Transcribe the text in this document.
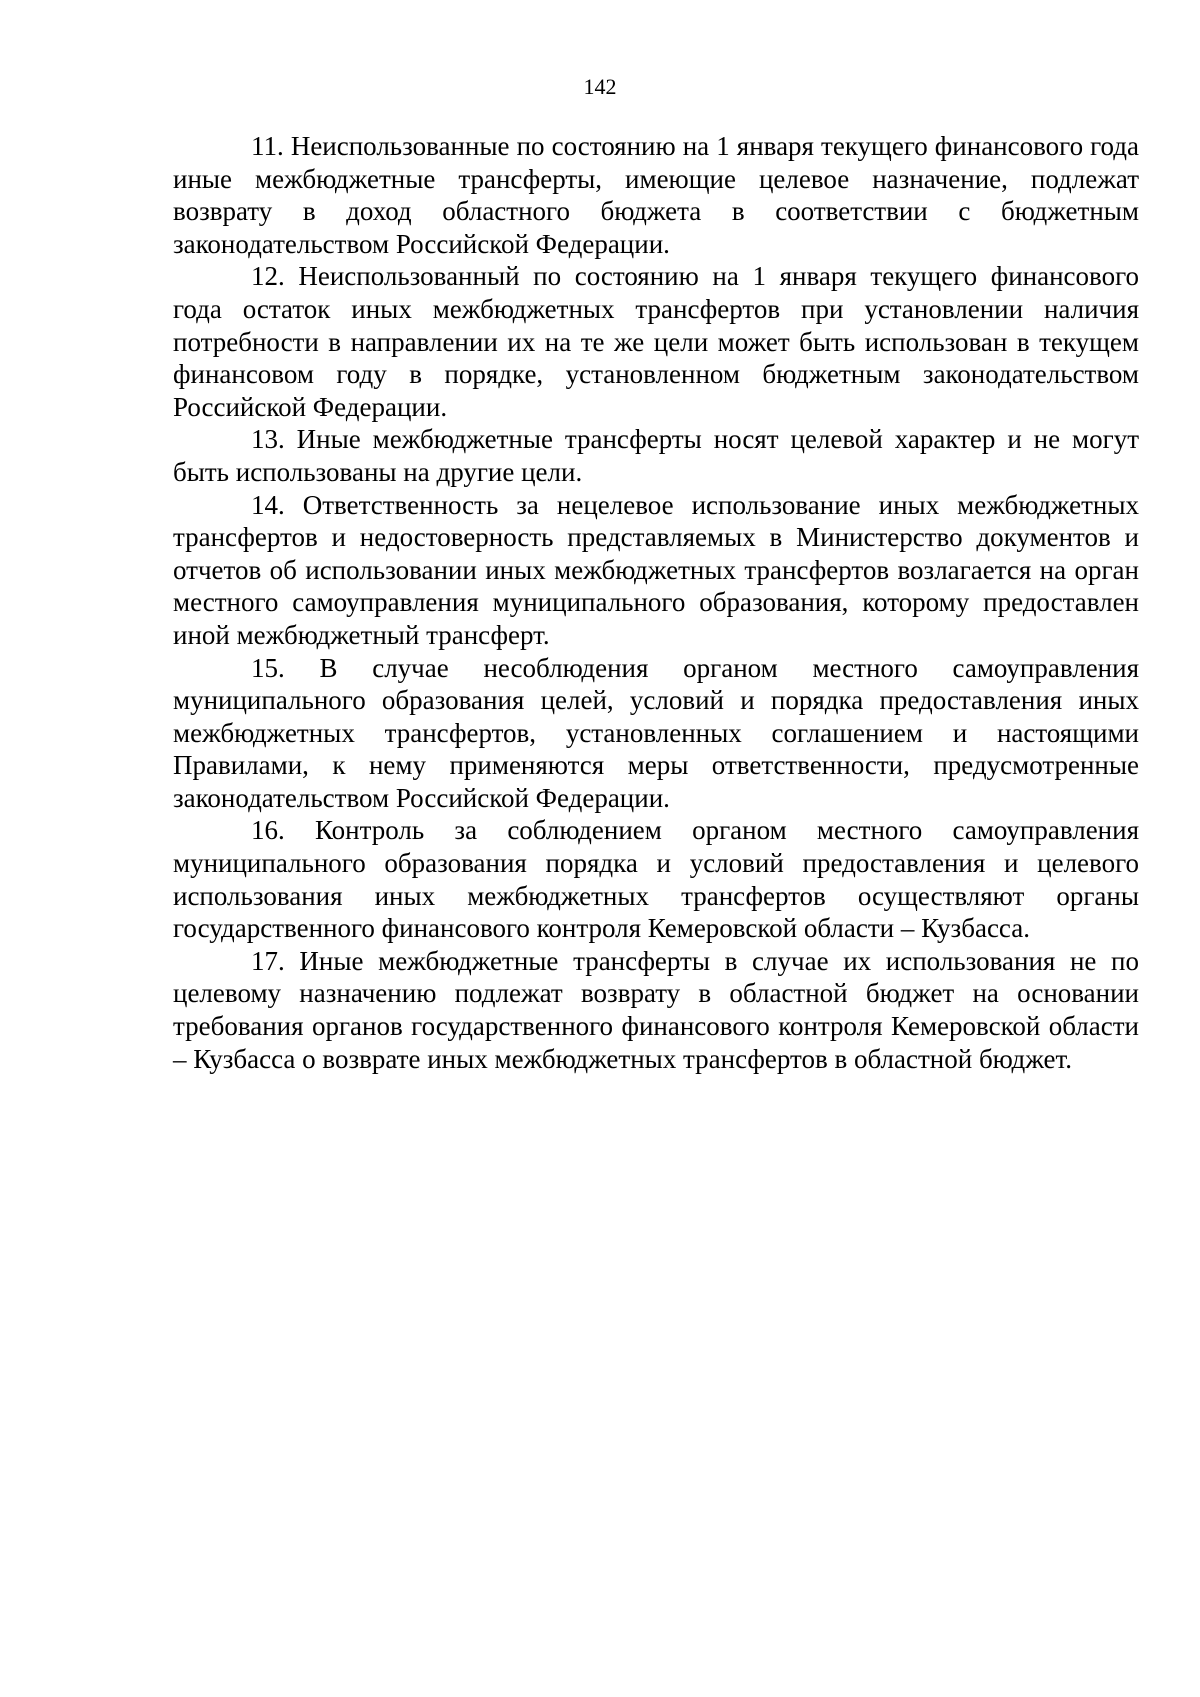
142

11. Неиспользованные по состоянию на 1 января текущего финансового года иные межбюджетные трансферты, имеющие целевое назначение, подлежат возврату в доход областного бюджета в соответствии с бюджетным законодательством Российской Федерации.

12. Неиспользованный по состоянию на 1 января текущего финансового года остаток иных межбюджетных трансфертов при установлении наличия потребности в направлении их на те же цели может быть использован в текущем финансовом году в порядке, установленном бюджетным законодательством Российской Федерации.

13. Иные межбюджетные трансферты носят целевой характер и не могут быть использованы на другие цели.

14. Ответственность за нецелевое использование иных межбюджетных трансфертов и недостоверность представляемых в Министерство документов и отчетов об использовании иных межбюджетных трансфертов возлагается на орган местного самоуправления муниципального образования, которому предоставлен иной межбюджетный трансферт.

15. В случае несоблюдения органом местного самоуправления муниципального образования целей, условий и порядка предоставления иных межбюджетных трансфертов, установленных соглашением и настоящими Правилами, к нему применяются меры ответственности, предусмотренные законодательством Российской Федерации.

16. Контроль за соблюдением органом местного самоуправления муниципального образования порядка и условий предоставления и целевого использования иных межбюджетных трансфертов осуществляют органы государственного финансового контроля Кемеровской области – Кузбасса.

17. Иные межбюджетные трансферты в случае их использования не по целевому назначению подлежат возврату в областной бюджет на основании требования органов государственного финансового контроля Кемеровской области – Кузбасса о возврате иных межбюджетных трансфертов в областной бюджет.
